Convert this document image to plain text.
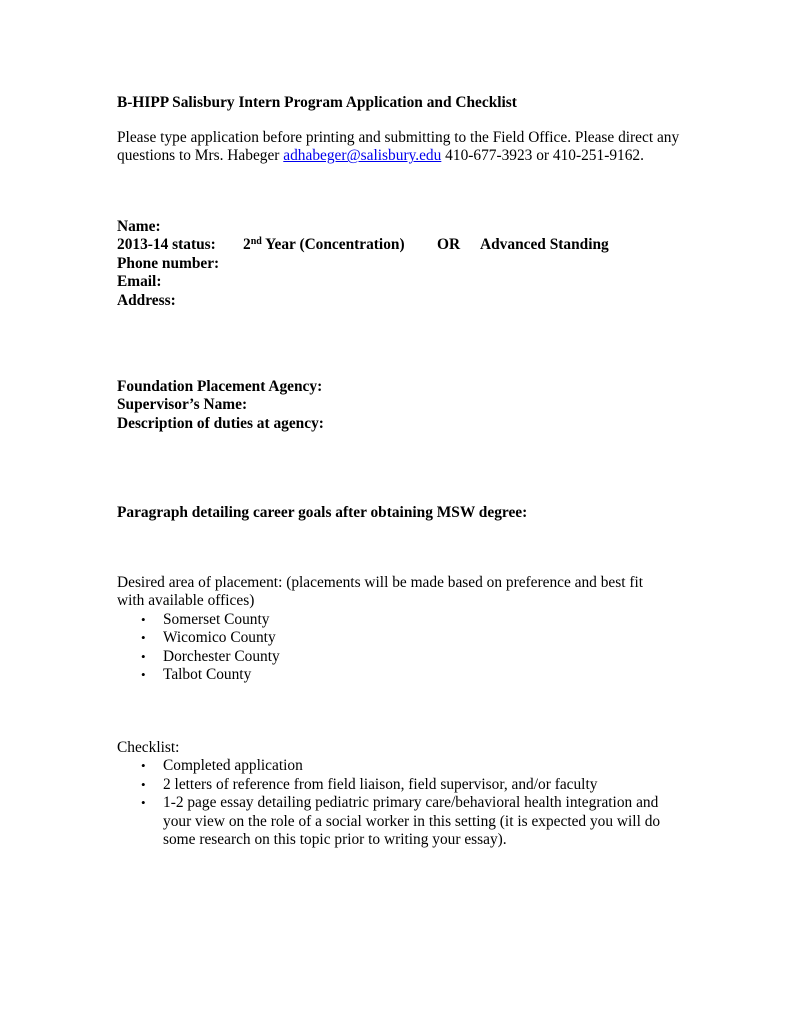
B-HIPP Salisbury Intern Program Application and Checklist

Please type application before printing and submitting to the Field Office. Please direct any questions to Mrs. Habeger adhabeger@salisbury.edu 410-677-3923 or 410-251-9162.

Name:
2013-14 status:	2nd Year (Concentration)	OR	Advanced Standing
Phone number:
Email:
Address:
Foundation Placement Agency:
Supervisor’s Name:
Description of duties at agency:

Paragraph detailing career goals after obtaining MSW degree:

Desired area of placement: (placements will be made based on preference and best fit with available offices)
• Somerset County
• Wicomico County
• Dorchester County
• Talbot County
Checklist:
• Completed application
• 2 letters of reference from field liaison, field supervisor, and/or faculty
• 1-2 page essay detailing pediatric primary care/behavioral health integration and your view on the role of a social worker in this setting (it is expected you will do some research on this topic prior to writing your essay).
